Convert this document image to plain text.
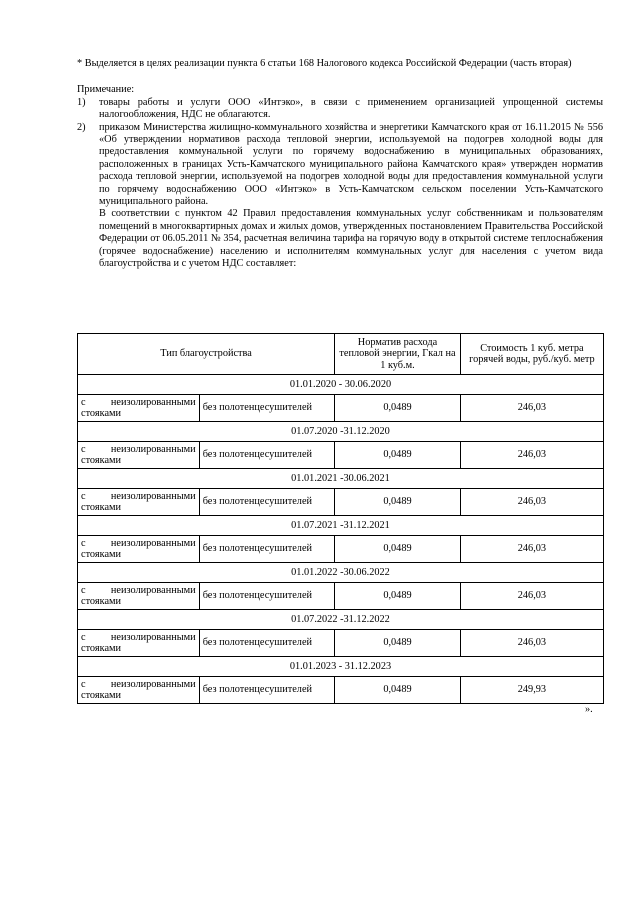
* Выделяется в целях реализации пункта 6 статьи 168 Налогового кодекса Российской Федерации (часть вторая)

Примечание:

1) товары работы и услуги ООО «Интэко», в связи с применением организацией упрощенной системы налогообложения, НДС не облагаются.

2) приказом Министерства жилищно-коммунального хозяйства и энергетики Камчатского края от 16.11.2015 № 556 «Об утверждении нормативов расхода тепловой энергии, используемой на подогрев холодной воды для предоставления коммунальной услуги по горячему водоснабжению в муниципальных образованиях, расположенных в границах Усть-Камчатского муниципального района Камчатского края» утвержден норматив расхода тепловой энергии, используемой на подогрев холодной воды для предоставления коммунальной услуги по горячему водоснабжению ООО «Интэко» в Усть-Камчатском сельском поселении Усть-Камчатского муниципального района.

В соответствии с пунктом 42 Правил предоставления коммунальных услуг собственникам и пользователям помещений в многоквартирных домах и жилых домов, утвержденных постановлением Правительства Российской Федерации от 06.05.2011 № 354, расчетная величина тарифа на горячую воду в открытой системе теплоснабжения (горячее водоснабжение) населению и исполнителям коммунальных услуг для населения с учетом вида благоустройства и с учетом НДС составляет:

Тип благоустройства		Норматив расхода тепловой энергии, Гкал на 1 куб.м.	Стоимость 1 куб. метра горячей воды, руб./куб. метр
01.01.2020 - 30.06.2020			
с неизолированными стояками	без полотенцесушителей	0,0489	246,03
01.07.2020 -31.12.2020			
с неизолированными стояками	без полотенцесушителей	0,0489	246,03
01.01.2021 -30.06.2021			
с неизолированными стояками	без полотенцесушителей	0,0489	246,03
01.07.2021 -31.12.2021			
с неизолированными стояками	без полотенцесушителей	0,0489	246,03
01.01.2022 -30.06.2022			
с неизолированными стояками	без полотенцесушителей	0,0489	246,03
01.07.2022 -31.12.2022			
с неизолированными стояками	без полотенцесушителей	0,0489	246,03
01.01.2023 - 31.12.2023			
с неизолированными стояками	без полотенцесушителей	0,0489	249,93
».
